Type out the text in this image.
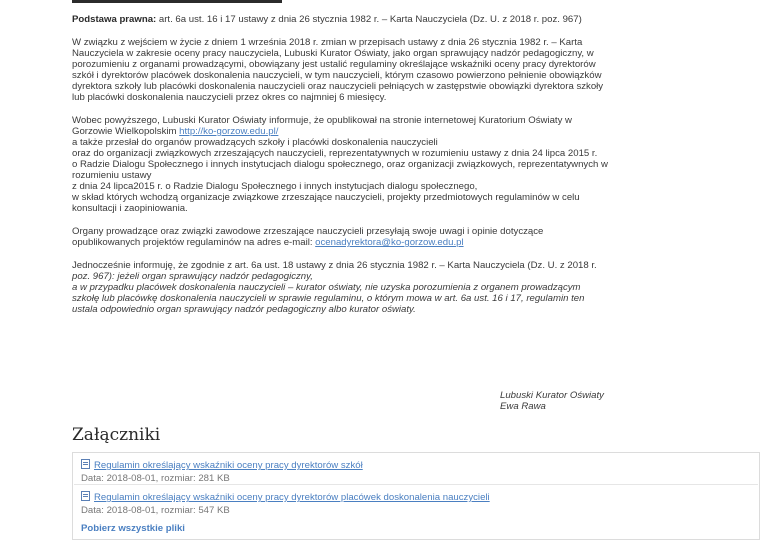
Podstawa prawna: art. 6a ust. 16 i 17 ustawy z dnia 26 stycznia 1982 r. – Karta Nauczyciela (Dz. U. z 2018 r. poz. 967)

W związku z wejściem w życie z dniem 1 września 2018 r. zmian w przepisach ustawy z dnia 26 stycznia 1982 r. – Karta
Nauczyciela w zakresie oceny pracy nauczyciela, Lubuski Kurator Oświaty, jako organ sprawujący nadzór pedagogiczny, w
porozumieniu z organami prowadzącymi, obowiązany jest ustalić regulaminy określające wskaźniki oceny pracy dyrektorów
szkół i dyrektorów placówek doskonalenia nauczycieli, w tym nauczycieli, którym czasowo powierzono pełnienie obowiązków
dyrektora szkoły lub placówki doskonalenia nauczycieli oraz nauczycieli pełniących w zastępstwie obowiązki dyrektora szkoły
lub placówki doskonalenia nauczycieli przez okres co najmniej 6 miesięcy.

Wobec powyższego, Lubuski Kurator Oświaty informuje, że opublikował na stronie internetowej Kuratorium Oświaty w
Gorzowie Wielkopolskim http://ko-gorzow.edu.pl/
a także przesłał do organów prowadzących szkoły i placówki doskonalenia nauczycieli
oraz do organizacji związkowych zrzeszających nauczycieli, reprezentatywnych w rozumieniu ustawy z dnia 24 lipca 2015 r.
o Radzie Dialogu Społecznego i innych instytucjach dialogu społecznego, oraz organizacji związkowych, reprezentatywnych w
rozumieniu ustawy
z dnia 24 lipca2015 r. o Radzie Dialogu Społecznego i innych instytucjach dialogu społecznego,
w skład których wchodzą organizacje związkowe zrzeszające nauczycieli, projekty przedmiotowych regulaminów w celu
konsultacji i zaopiniowania.

Organy prowadzące oraz związki zawodowe zrzeszające nauczycieli przesyłają swoje uwagi i opinie dotyczące
opublikowanych projektów regulaminów na adres e-mail: ocenadyrektora@ko-gorzow.edu.pl

Jednocześnie informuję, że zgodnie z art. 6a ust. 18 ustawy z dnia 26 stycznia 1982 r. – Karta Nauczyciela (Dz. U. z 2018 r.
poz. 967): jeżeli organ sprawujący nadzór pedagogiczny,
a w przypadku placówek doskonalenia nauczycieli – kurator oświaty, nie uzyska porozumienia z organem prowadzącym
szkołę lub placówkę doskonalenia nauczycieli w sprawie regulaminu, o którym mowa w art. 6a ust. 16 i 17, regulamin ten
ustala odpowiednio organ sprawujący nadzór pedagogiczny albo kurator oświaty.

Lubuski Kurator Oświaty
Ewa Rawa
Załączniki
Regulamin określający wskaźniki oceny pracy dyrektorów szkół
Data: 2018-08-01, rozmiar: 281 KB
Regulamin określający wskaźniki oceny pracy dyrektorów placówek doskonalenia nauczycieli
Data: 2018-08-01, rozmiar: 547 KB
Pobierz wszystkie pliki
